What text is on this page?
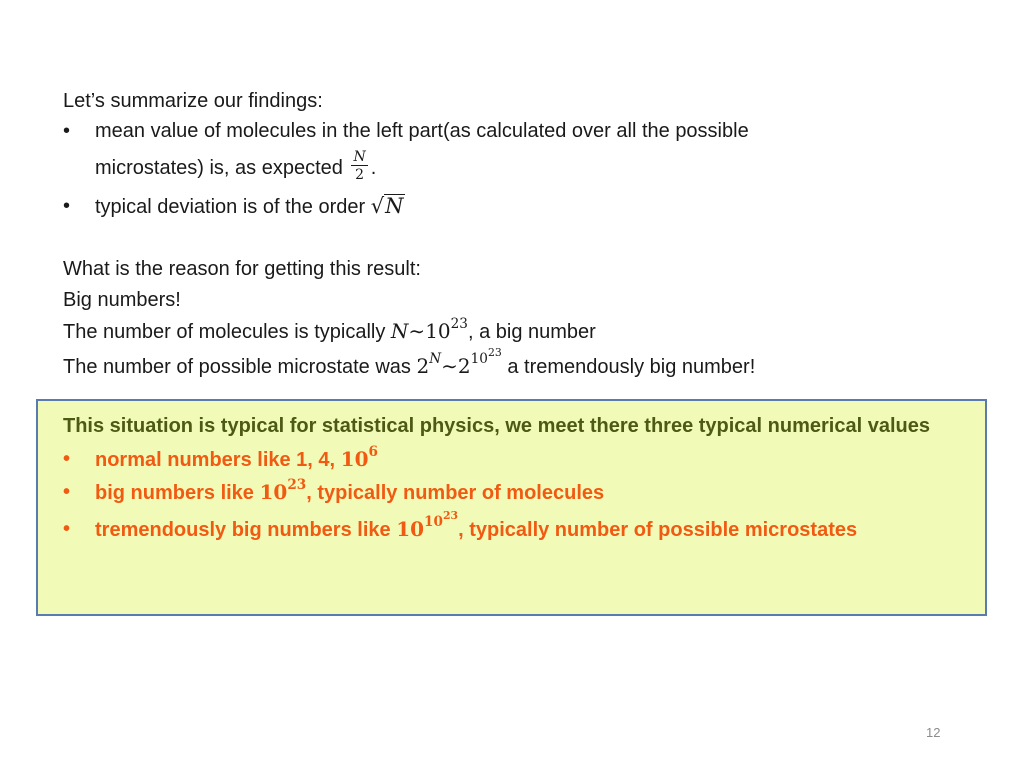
Let’s summarize our findings:
• mean value of molecules in the left part(as calculated over all the possible
microstates) is, as expected $\frac{N}{2}$ .
• typical deviation is of the order √N
What is the reason for getting this result:
Big numbers!
The number of molecules is typically $N\sim 10^{23}$, a big number
The number of possible microstate was $2^N\sim 2^{10^{23}}$ a tremendously big number!
This situation is typical for statistical physics, we meet there three typical numerical values
• normal numbers like 1, 4, $10^6$
• big numbers like $10^{23}$, typically number of molecules
• tremendously big numbers like $10^{10^{23}}$, typically number of possible microstates
12
